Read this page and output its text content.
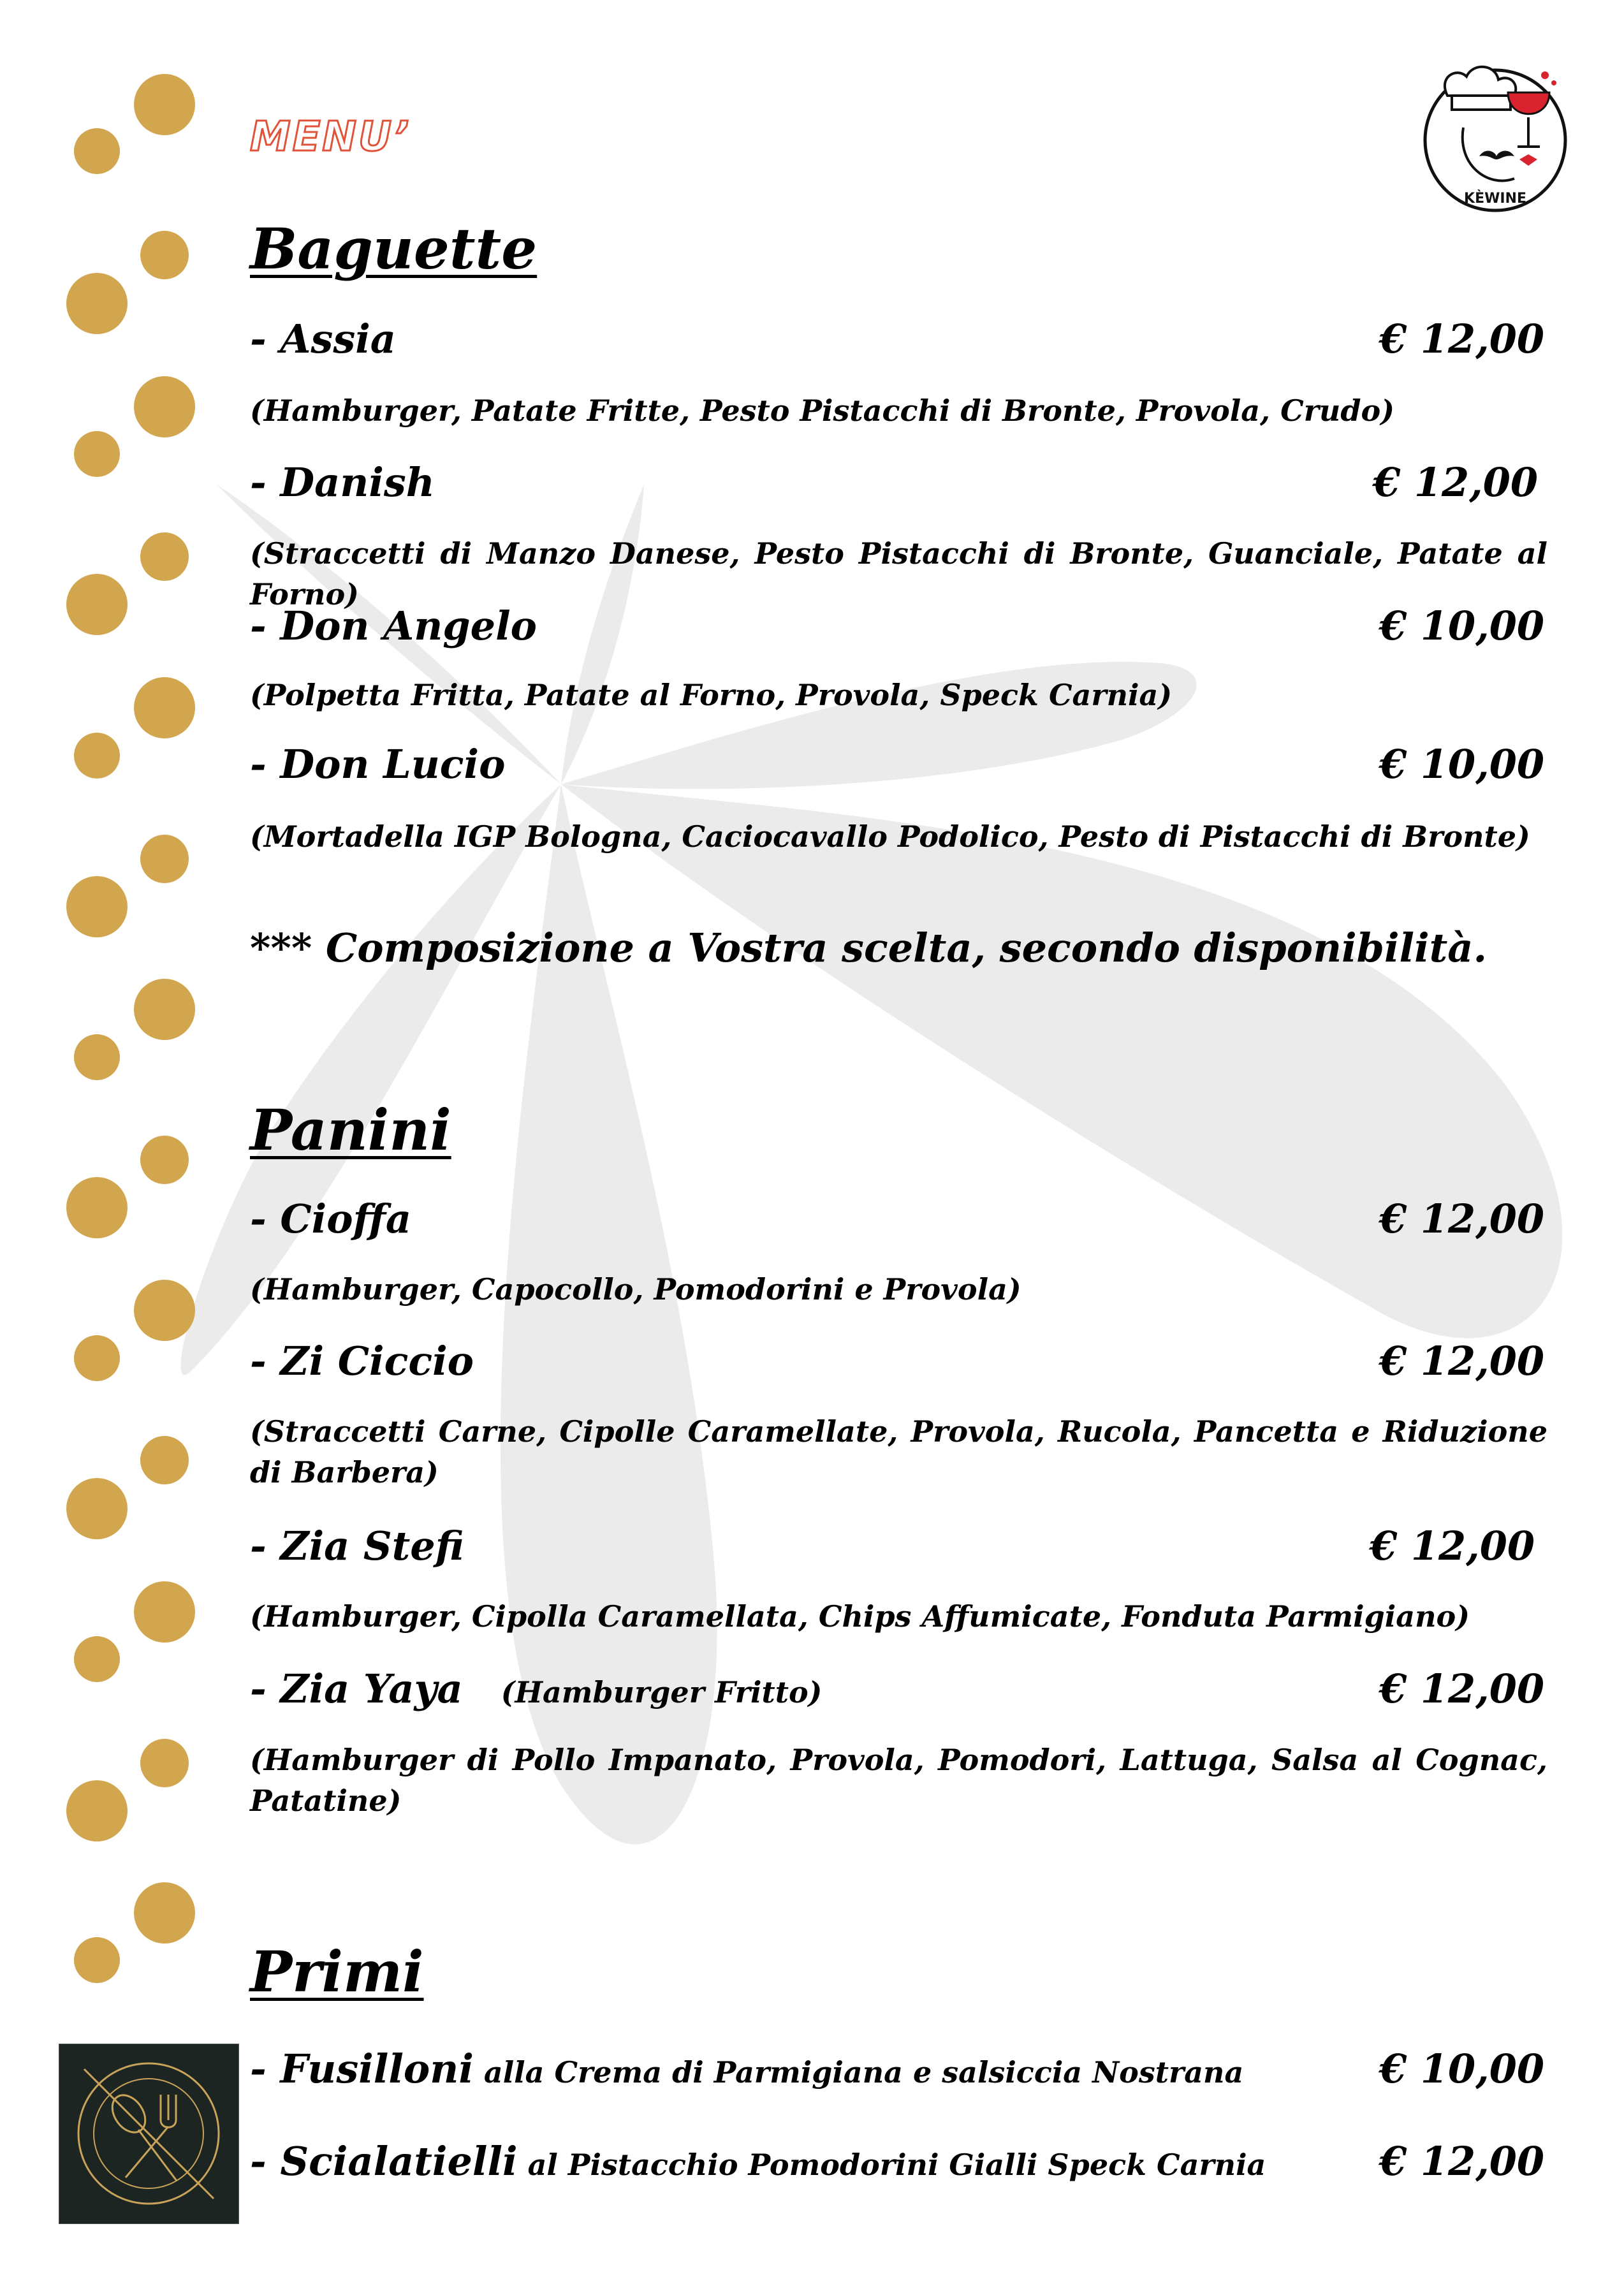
MENU’
KÈWINE
Baguette
- Assia	€ 12,00
(Hamburger, Patate Fritte, Pesto Pistacchi di Bronte, Provola, Crudo)
- Danish	€ 12,00
(Straccetti di Manzo Danese, Pesto Pistacchi di Bronte, Guanciale, Patate al Forno)
- Don Angelo	€ 10,00
(Polpetta Fritta, Patate al Forno, Provola, Speck Carnia)
- Don Lucio	€ 10,00
(Mortadella IGP Bologna, Caciocavallo Podolico, Pesto di Pistacchi di Bronte)
*** Composizione a Vostra scelta, secondo disponibilità.
Panini
- Cioffa	€ 12,00
(Hamburger, Capocollo, Pomodorini e Provola)
- Zi Ciccio	€ 12,00
(Straccetti Carne, Cipolle Caramellate, Provola, Rucola, Pancetta e Riduzione di Barbera)
- Zia Stefi	€ 12,00
(Hamburger, Cipolla Caramellata, Chips Affumicate, Fonduta Parmigiano)
- Zia Yaya (Hamburger Fritto)	€ 12,00
(Hamburger di Pollo Impanato, Provola, Pomodori, Lattuga, Salsa al Cognac, Patatine)
Primi
- Fusilloni alla Crema di Parmigiana e salsiccia Nostrana	€ 10,00
- Scialatielli al Pistacchio Pomodorini Gialli Speck Carnia	€ 12,00
